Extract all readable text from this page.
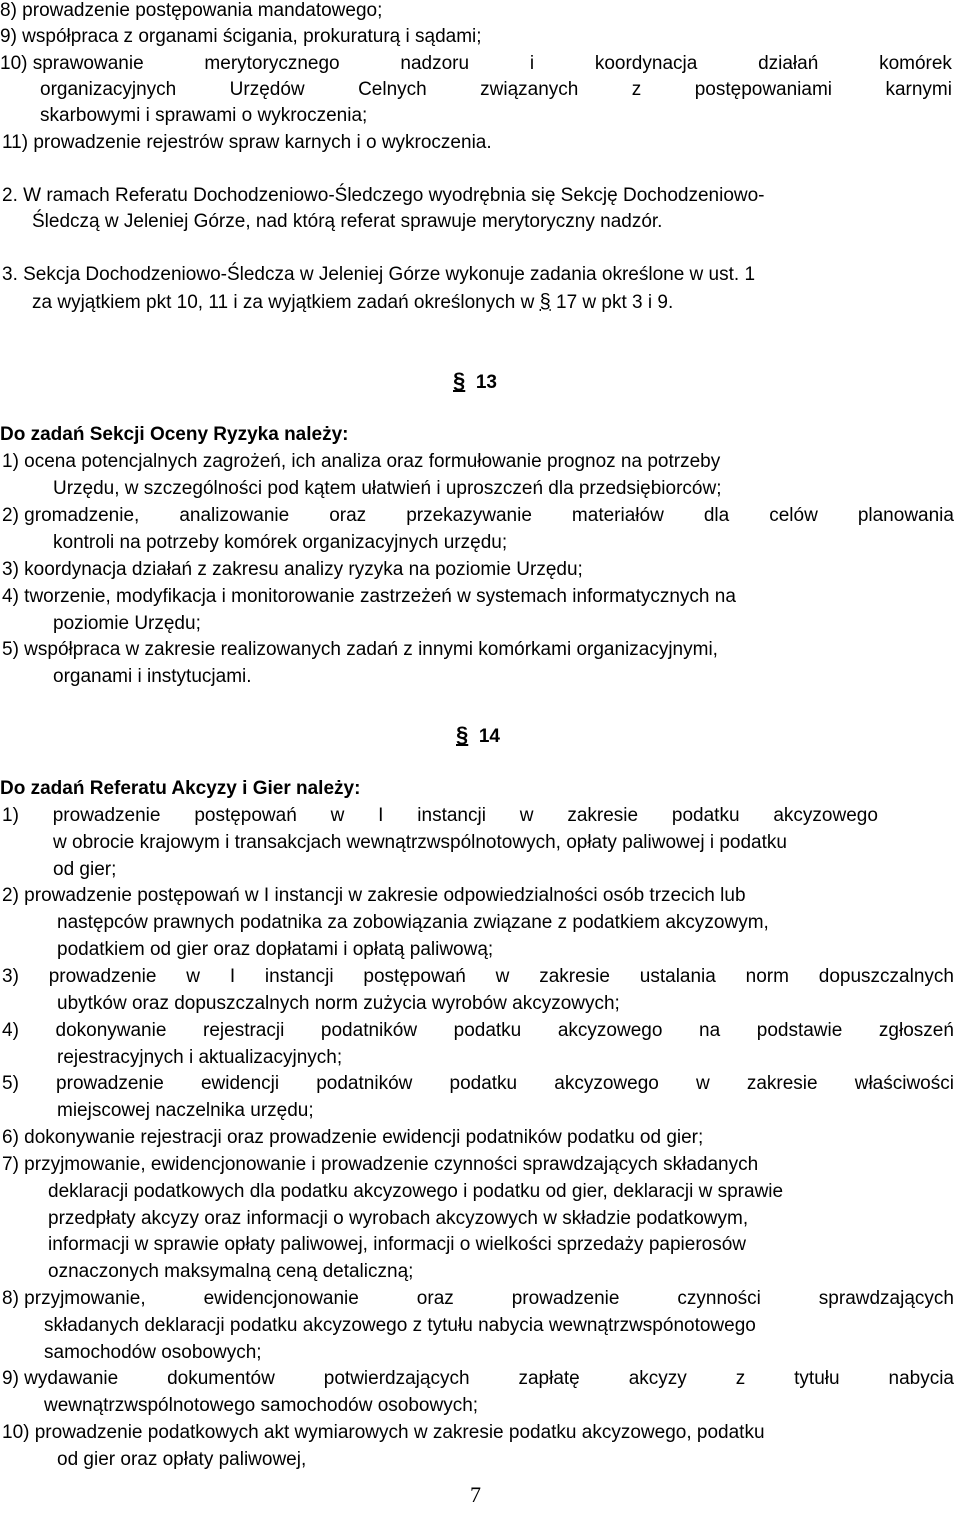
8) prowadzenie postępowania mandatowego;
9) współpraca z organami ścigania, prokuraturą i sądami;
10) sprawowanie	merytorycznego	nadzoru	i	koordynacja	działań	komórek
organizacyjnych	Urzędów	Celnych	związanych	z	postępowaniami	karnymi
skarbowymi i sprawami o wykroczenia;
11) prowadzenie rejestrów spraw karnych i o wykroczenia.
2. W ramach Referatu Dochodzeniowo-Śledczego wyodrębnia się Sekcję Dochodzeniowo-
Śledczą w Jeleniej Górze, nad którą referat sprawuje merytoryczny nadzór.
3. Sekcja Dochodzeniowo-Śledcza w Jeleniej Górze wykonuje zadania określone w ust. 1
za wyjątkiem pkt 10, 11 i za wyjątkiem zadań określonych w § 17 w pkt 3 i 9.
§ 13
Do zadań Sekcji Oceny Ryzyka należy:
1) ocena potencjalnych zagrożeń, ich analiza oraz formułowanie prognoz na potrzeby
Urzędu, w szczególności pod kątem ułatwień i uproszczeń dla przedsiębiorców;
2) gromadzenie, analizowanie oraz przekazywanie materiałów dla celów planowania
kontroli na potrzeby komórek organizacyjnych urzędu;
3) koordynacja działań z zakresu analizy ryzyka na poziomie Urzędu;
4) tworzenie, modyfikacja i monitorowanie zastrzeżeń w systemach informatycznych na
poziomie Urzędu;
5) współpraca w zakresie realizowanych zadań z innymi komórkami organizacyjnymi,
organami i instytucjami.
§ 14
Do zadań Referatu Akcyzy i Gier należy:
1) prowadzenie postępowań w I instancji w zakresie podatku akcyzowego
w obrocie krajowym i transakcjach wewnątrzwspólnotowych, opłaty paliwowej i podatku
od gier;
2) prowadzenie postępowań w I instancji w zakresie odpowiedzialności osób trzecich lub
następców prawnych podatnika za zobowiązania związane z podatkiem akcyzowym,
podatkiem od gier oraz dopłatami i opłatą paliwową;
3) prowadzenie w I instancji postępowań w zakresie ustalania norm dopuszczalnych
ubytków oraz dopuszczalnych norm zużycia wyrobów akcyzowych;
4) dokonywanie rejestracji podatników podatku akcyzowego na podstawie zgłoszeń
rejestracyjnych i aktualizacyjnych;
5) prowadzenie ewidencji podatników podatku akcyzowego w zakresie właściwości
miejscowej naczelnika urzędu;
6) dokonywanie rejestracji oraz prowadzenie ewidencji podatników podatku od gier;
7) przyjmowanie, ewidencjonowanie i prowadzenie czynności sprawdzających składanych
deklaracji podatkowych dla podatku akcyzowego i podatku od gier, deklaracji w sprawie
przedpłaty akcyzy oraz informacji o wyrobach akcyzowych w składzie podatkowym,
informacji w sprawie opłaty paliwowej, informacji o wielkości sprzedaży papierosów
oznaczonych maksymalną ceną detaliczną;
8) przyjmowanie,	ewidencjonowanie	oraz	prowadzenie	czynności	sprawdzających
składanych deklaracji podatku akcyzowego z tytułu nabycia wewnątrzwspónotowego
samochodów osobowych;
9) wydawanie	dokumentów	potwierdzających	zapłatę	akcyzy	z	tytułu	nabycia
wewnątrzwspólnotowego samochodów osobowych;
10) prowadzenie podatkowych akt wymiarowych w zakresie podatku akcyzowego, podatku
od gier oraz opłaty paliwowej,
7
